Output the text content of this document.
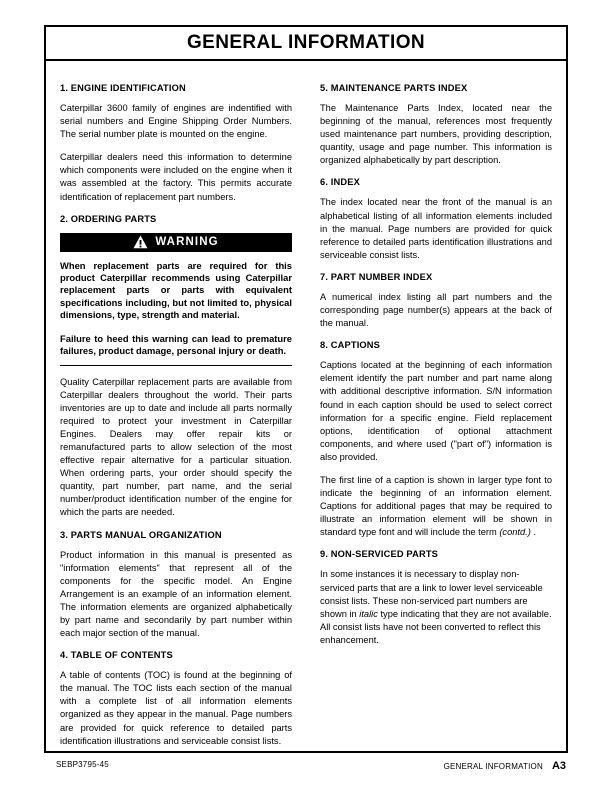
GENERAL INFORMATION
1. ENGINE IDENTIFICATION

Caterpillar 3600 family of engines are indentified with serial numbers and Engine Shipping Order Numbers. The serial number plate is mounted on the engine.

Caterpillar dealers need this information to determine which components were included on the engine when it was assembled at the factory. This permits accurate identification of replacement part numbers.

2. ORDERING PARTS
WARNING

When replacement parts are required for this product Caterpillar recommends using Caterpillar replacement parts or parts with equivalent specifications including, but not limited to, physical dimensions, type, strength and material.

Failure to heed this warning can lead to premature failures, product damage, personal injury or death.

Quality Caterpillar replacement parts are available from Caterpillar dealers throughout the world. Their parts inventories are up to date and include all parts normally required to protect your investment in Caterpillar Engines. Dealers may offer repair kits or remanufactured parts to allow selection of the most effective repair alternative for a particular situation. When ordering parts, your order should specify the quantity, part number, part name, and the serial number/product identification number of the engine for which the parts are needed.

3. PARTS MANUAL ORGANIZATION

Product information in this manual is presented as "information elements" that represent all of the components for the specific model. An Engine Arrangement is an example of an information element. The information elements are organized alphabetically by part name and secondarily by part number within each major section of the manual.

4. TABLE OF CONTENTS

A table of contents (TOC) is found at the beginning of the manual. The TOC lists each section of the manual with a complete list of all information elements organized as they appear in the manual. Page numbers are provided for quick reference to detailed parts identification illustrations and serviceable consist lists.

5. MAINTENANCE PARTS INDEX

The Maintenance Parts Index, located near the beginning of the manual, references most frequently used maintenance part numbers, providing description, quantity, usage and page number. This information is organized alphabetically by part description.

6. INDEX

The index located near the front of the manual is an alphabetical listing of all information elements included in the manual. Page numbers are provided for quick reference to detailed parts identification illustrations and serviceable consist lists.

7. PART NUMBER INDEX

A numerical index listing all part numbers and the corresponding page number(s) appears at the back of the manual.

8. CAPTIONS

Captions located at the beginning of each information element identify the part number and part name along with additional descriptive information. S/N information found in each caption should be used to select correct information for a specific engine. Field replacement options, identification of optional attachment components, and where used ("part of") information is also provided.

The first line of a caption is shown in larger type font to indicate the beginning of an information element. Captions for additional pages that may be required to illustrate an information element will be shown in standard type font and will include the term (contd.) .

9. NON-SERVICED PARTS

In some instances it is necessary to display non-serviced parts that are a link to lower level serviceable consist lists. These non-serviced part numbers are shown in italic type indicating that they are not available. All consist lists have not been converted to reflect this enhancement.

SEBP3795-45	GENERAL INFORMATION A3
